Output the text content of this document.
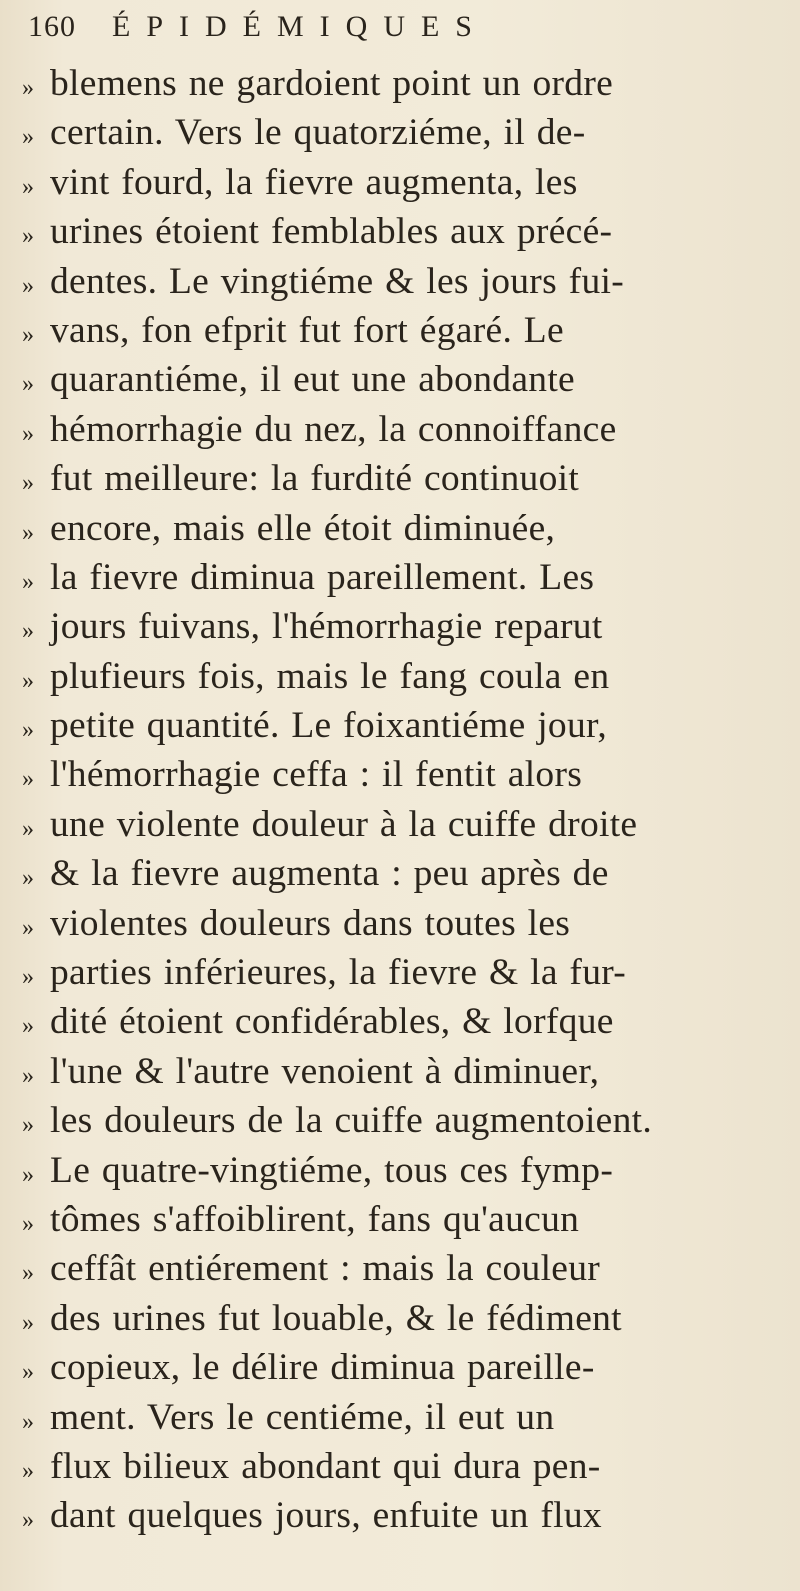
160 ÉPIDÉMIQUES
» blemens ne gardoient point un ordre
» certain. Vers le quatorziéme, il de-
» vint fourd, la fievre augmenta, les
» urines étoient femblables aux précé-
» dentes. Le vingtiéme & les jours fui-
» vans, fon efprit fut fort égaré. Le
» quarantiéme, il eut une abondante
» hémorrhagie du nez, la connoiffance
» fut meilleure: la furdité continuoit
» encore, mais elle étoit diminuée,
» la fievre diminua pareillement. Les
» jours fuivans, l'hémorrhagie reparut
» plufieurs fois, mais le fang coula en
» petite quantité. Le foixantiéme jour,
» l'hémorrhagie ceffa : il fentit alors
» une violente douleur à la cuiffe droite
» & la fievre augmenta : peu après de
» violentes douleurs dans toutes les
» parties inférieures, la fievre & la fur-
» dité étoient confidérables, & lorfque
» l'une & l'autre venoient à diminuer,
» les douleurs de la cuiffe augmentoient.
» Le quatre-vingtiéme, tous ces fymp-
» tômes s'affoiblirent, fans qu'aucun
» ceffât entiérement : mais la couleur
» des urines fut louable, & le fédiment
» copieux, le délire diminua pareille-
» ment. Vers le centiéme, il eut un
» flux bilieux abondant qui dura pen-
» dant quelques jours, enfuite un flux
